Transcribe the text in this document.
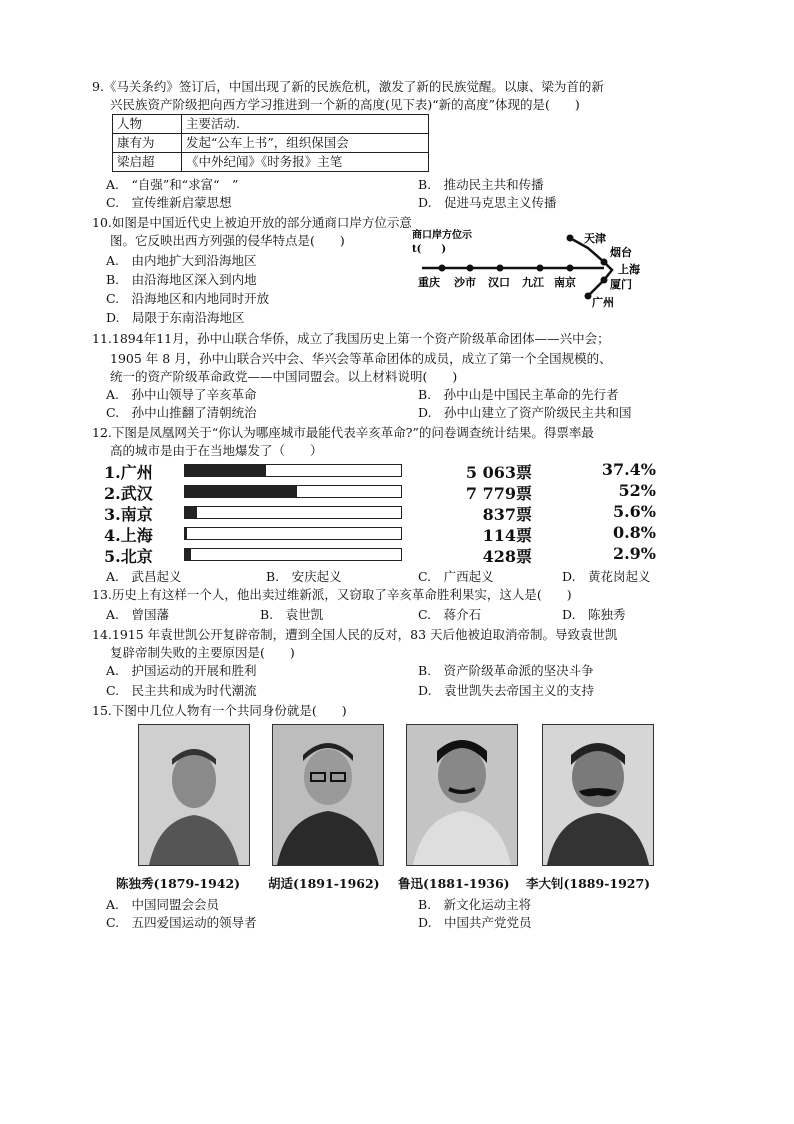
9.《马关条约》签订后，中国出现了新的民族危机，激发了新的民族觉醒。以康、梁为首的新
兴民族资产阶级把向西方学习推进到一个新的高度(见下表)“新的高度”体现的是(　　)
人物	主要活动.
康有为	发起“公车上书”，组织保国会
梁启超	《中外纪闻》《时务报》主笔
A.　“自强”和“求富“　”	B.　推动民主共和传播
C.　宣传维新启蒙思想	D.　促进马克思主义传播
10.如图是中国近代史上被迫开放的部分通商口岸方位示意
图。它反映出西方列强的侵华特点是(　　)
A.　由内地扩大到沿海地区
B.　由沿海地区深入到内地
C.　沿海地区和内地同时开放
D.　局限于东南沿海地区
商口岸方位示
t(　　)
重庆 沙市 汉口 九江 南京
天津
烟台
上海
厦门
广州
11.1894年11月，孙中山联合华侨，成立了我国历史上第一个资产阶级革命团体——兴中会；
1905 年 8 月，孙中山联合兴中会、华兴会等革命团体的成员，成立了第一个全国规模的、
统一的资产阶级革命政党——中国同盟会。以上材料说明(　　)
A.　孙中山领导了辛亥革命	B.　孙中山是中国民主革命的先行者
C.　孙中山推翻了清朝统治	D.　孙中山建立了资产阶级民主共和国
12.下图是凤凰网关于“你认为哪座城市最能代表辛亥革命?”的问卷调查统计结果。得票率最
高的城市是由于在当地爆发了（　　）
1.广州	5 063票	37.4%
2.武汉	7 779票	52%
3.南京	837票	5.6%
4.上海	114票	0.8%
5.北京	428票	2.9%
A.　武昌起义	B.　安庆起义	C.　广西起义	D.　黄花岗起义
13.历史上有这样一个人，他出卖过维新派，又窃取了辛亥革命胜利果实，这人是(　　)
A.　曾国藩	B.　袁世凯	C.　蒋介石	D.　陈独秀
14.1915 年袁世凯公开复辟帝制，遭到全国人民的反对，83 天后他被迫取消帝制。导致袁世凯
复辟帝制失败的主要原因是(　　)
A.　护国运动的开展和胜利	B.　资产阶级革命派的坚决斗争
C.　民主共和成为时代潮流	D.　袁世凯失去帝国主义的支持
15.下图中几位人物有一个共同身份就是(　　)
陈独秀(1879-1942) 胡适(1891-1962) 鲁迅(1881-1936) 李大钊(1889-1927)
A.　中国同盟会会员	B.　新文化运动主将
C.　五四爱国运动的领导者	D.　中国共产党党员
